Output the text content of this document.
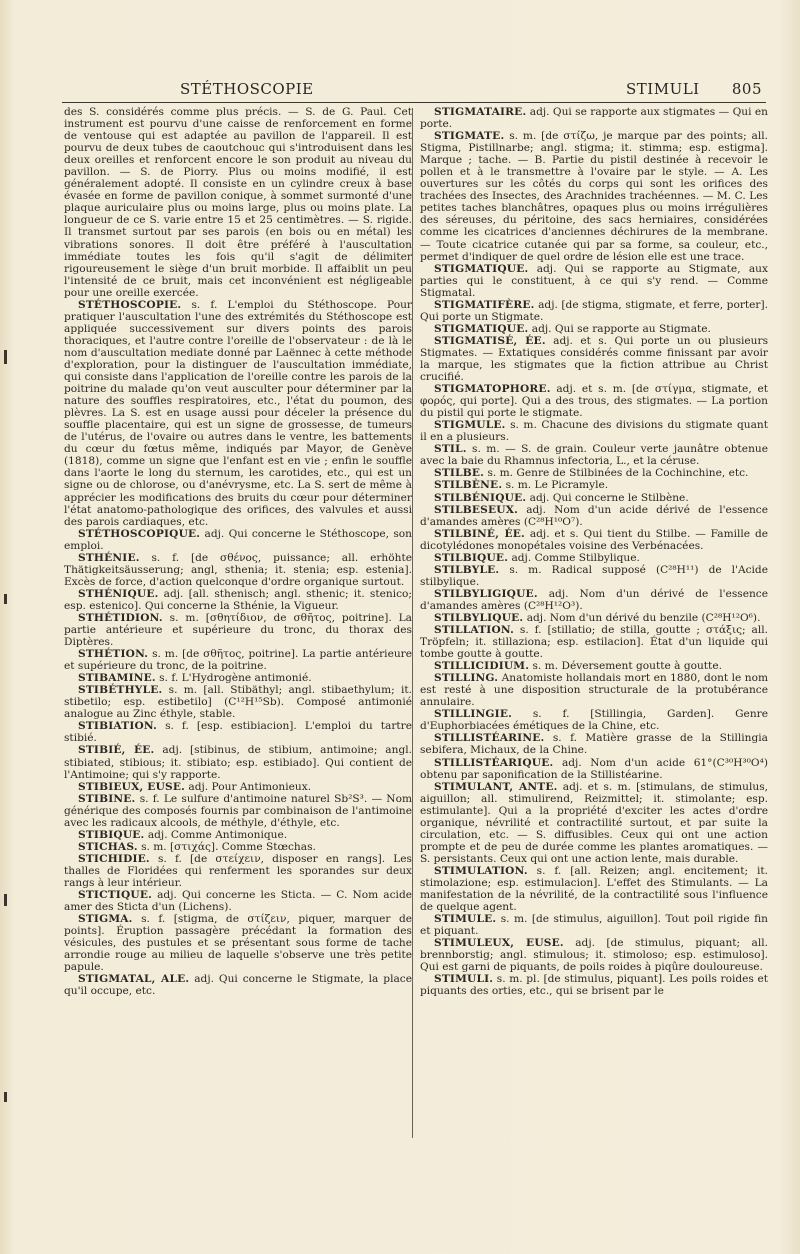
STÉTHOSCOPIE	STIMULI 805

des S. considérés comme plus précis. — S. de G. Paul. Cet instrument est pourvu d'une caisse de renforcement en forme de ventouse qui est adaptée au pavillon de l'appareil. Il est pourvu de deux tubes de caoutchouc qui s'introduisent dans les deux oreilles et renforcent encore le son produit au niveau du pavillon. — S. de Piorry. Plus ou moins modifié, il est généralement adopté. Il consiste en un cylindre creux à base évasée en forme de pavillon conique, à sommet surmonté d'une plaque auriculaire plus ou moins large, plus ou moins plate. La longueur de ce S. varie entre 15 et 25 centimètres. — S. rigide. Il transmet surtout par ses parois (en bois ou en métal) les vibrations sonores. Il doit être préféré à l'auscultation immédiate toutes les fois qu'il s'agit de délimiter rigoureusement le siège d'un bruit morbide. Il affaiblit un peu l'intensité de ce bruit, mais cet inconvénient est négligeable pour une oreille exercée.

STÉTHOSCOPIE. s. f. L'emploi du Stéthoscope. Pour pratiquer l'auscultation l'une des extrémités du Stéthoscope est appliquée successivement sur divers points des parois thoraciques, et l'autre contre l'oreille de l'observateur : de là le nom d'auscultation mediate donné par Laënnec à cette méthode d'exploration, pour la distinguer de l'auscultation immédiate, qui consiste dans l'application de l'oreille contre les parois de la poitrine du malade qu'on veut ausculter pour déterminer par la nature des souffles respiratoires, etc., l'état du poumon, des plèvres. La S. est en usage aussi pour déceler la présence du souffle placentaire, qui est un signe de grossesse, de tumeurs de l'utérus, de l'ovaire ou autres dans le ventre, les battements du cœur du fœtus même, indiqués par Mayor, de Genève (1818), comme un signe que l'enfant est en vie ; enfin le souffle dans l'aorte le long du sternum, les carotides, etc., qui est un signe ou de chlorose, ou d'anévrysme, etc. La S. sert de même à apprécier les modifications des bruits du cœur pour déterminer l'état anatomo-pathologique des orifices, des valvules et aussi des parois cardiaques, etc.

STÉTHOSCOPIQUE. adj. Qui concerne le Stéthoscope, son emploi.

STHÉNIE. s. f. [de σθένος, puissance; all. erhöhte Thätigkeitsäusserung; angl, sthenia; it. stenia; esp. estenia]. Excès de force, d'action quelconque d'ordre organique surtout.

STHÉNIQUE. adj. [all. sthenisch; angl. sthenic; it. stenico; esp. estenico]. Qui concerne la Sthénie, la Vigueur.

STHÉTIDION. s. m. [σθητίδιον, de σθῆτος, poitrine]. La partie antérieure et supérieure du tronc, du thorax des Diptères.

STHÉTION. s. m. [de σθῆτος, poitrine]. La partie antérieure et supérieure du tronc, de la poitrine.

STIBAMINE. s. f. L'Hydrogène antimonié.

STIBÉTHYLE. s. m. [all. Stibäthyl; angl. stibaethylum; it. stibetilo; esp. estibetilo] (C¹²H¹⁵Sb). Composé antimonié analogue au Zinc éthyle, stable.

STIBIATION. s. f. [esp. estibiacion]. L'emploi du tartre stibié.

STIBIÉ, ÉE. adj. [stibinus, de stibium, antimoine; angl. stibiated, stibious; it. stibiato; esp. estibiado]. Qui contient de l'Antimoine; qui s'y rapporte.

STIBIEUX, EUSE. adj. Pour Antimonieux.

STIBINE. s. f. Le sulfure d'antimoine naturel Sb²S³. — Nom générique des composés fournis par combinaison de l'antimoine avec les radicaux alcools, de méthyle, d'éthyle, etc.

STIBIQUE. adj. Comme Antimonique.

STICHAS. s. m. [στιχάς]. Comme Stœchas.

STICHIDIE. s. f. [de στείχειν, disposer en rangs]. Les thalles de Floridées qui renferment les sporandes sur deux rangs à leur intérieur.

STICTIQUE. adj. Qui concerne les Sticta. — C. Nom acide amer des Sticta d'un (Lichens).

STIGMA. s. f. [stigma, de στίζειν, piquer, marquer de points]. Éruption passagère précédant la formation des vésicules, des pustules et se présentant sous forme de tache arrondie rouge au milieu de laquelle s'observe une très petite papule.

STIGMATAL, ALE. adj. Qui concerne le Stigmate, la place qu'il occupe, etc.

STIGMATAIRE. adj. Qui se rapporte aux stigmates — Qui en porte.

STIGMATE. s. m. [de στίζω, je marque par des points; all. Stigma, Pistillnarbe; angl. stigma; it. stimma; esp. estigma]. Marque ; tache. — B. Partie du pistil destinée à recevoir le pollen et à le transmettre à l'ovaire par le style. — A. Les ouvertures sur les côtés du corps qui sont les orifices des trachées des Insectes, des Arachnides trachéennes. — M. C. Les petites taches blanchâtres, opaques plus ou moins irrégulières des séreuses, du péritoine, des sacs herniaires, considérées comme les cicatrices d'anciennes déchirures de la membrane. — Toute cicatrice cutanée qui par sa forme, sa couleur, etc., permet d'indiquer de quel ordre de lésion elle est une trace.

STIGMATIQUE. adj. Qui se rapporte au Stigmate, aux parties qui le constituent, à ce qui s'y rend. — Comme Stigmatal.

STIGMATIFÈRE. adj. [de stigma, stigmate, et ferre, porter]. Qui porte un Stigmate.

STIGMATIQUE. adj. Qui se rapporte au Stigmate.

STIGMATISÉ, ÉE. adj. et s. Qui porte un ou plusieurs Stigmates. — Extatiques considérés comme finissant par avoir la marque, les stigmates que la fiction attribue au Christ crucifié.

STIGMATOPHORE. adj. et s. m. [de στίγμα, stigmate, et φορός, qui porte]. Qui a des trous, des stigmates. — La portion du pistil qui porte le stigmate.

STIGMULE. s. m. Chacune des divisions du stigmate quant il en a plusieurs.

STIL. s. m. — S. de grain. Couleur verte jaunâtre obtenue avec la baie du Rhamnus infectoria, L., et la céruse.

STILBE. s. m. Genre de Stilbinées de la Cochinchine, etc.

STILBÈNE. s. m. Le Picramyle.

STILBÉNIQUE. adj. Qui concerne le Stilbène.

STILBESEUX. adj. Nom d'un acide dérivé de l'essence d'amandes amères (C²⁸H¹⁰O⁷).

STILBINÉ, ÉE. adj. et s. Qui tient du Stilbe. — Famille de dicotylédones monopétales voisine des Verbénacées.

STILBIQUE. adj. Comme Stilbylique.

STILBYLE. s. m. Radical supposé (C²⁸H¹¹) de l'Acide stilbylique.

STILBYLIGIQUE. adj. Nom d'un dérivé de l'essence d'amandes amères (C²⁸H¹²O³).

STILBYLIQUE. adj. Nom d'un dérivé du benzile (C²⁸H¹²O⁶).

STILLATION. s. f. [stillatio; de stilla, goutte ; στάξις; all. Tröpfeln; it. stillaziona; esp. estilacion]. État d'un liquide qui tombe goutte à goutte.

STILLICIDIUM. s. m. Déversement goutte à goutte.

STILLING. Anatomiste hollandais mort en 1880, dont le nom est resté à une disposition structurale de la protubérance annulaire.

STILLINGIE. s. f. [Stillingia, Garden]. Genre d'Euphorbiacées émétiques de la Chine, etc.

STILLISTÉARINE. s. f. Matière grasse de la Stillingia sebifera, Michaux, de la Chine.

STILLISTÉARIQUE. adj. Nom d'un acide 61°(C³⁰H³⁰O⁴) obtenu par saponification de la Stillistéarine.

STIMULANT, ANTE. adj. et s. m. [stimulans, de stimulus, aiguillon; all. stimulirend, Reizmittel; it. stimolante; esp. estimulante]. Qui a la propriété d'exciter les actes d'ordre organique, névrilité et contractilité surtout, et par suite la circulation, etc. — S. diffusibles. Ceux qui ont une action prompte et de peu de durée comme les plantes aromatiques. — S. persistants. Ceux qui ont une action lente, mais durable.

STIMULATION. s. f. [all. Reizen; angl. encitement; it. stimolazione; esp. estimulacion]. L'effet des Stimulants. — La manifestation de la névrilité, de la contractilité sous l'influence de quelque agent.

STIMULE. s. m. [de stimulus, aiguillon]. Tout poil rigide fin et piquant.

STIMULEUX, EUSE. adj. [de stimulus, piquant; all. brennborstig; angl. stimulous; it. stimoloso; esp. estimuloso]. Qui est garni de piquants, de poils roides à piqûre douloureuse.

STIMULI. s. m. pl. [de stimulus, piquant]. Les poils roides et piquants des orties, etc., qui se brisent par le
